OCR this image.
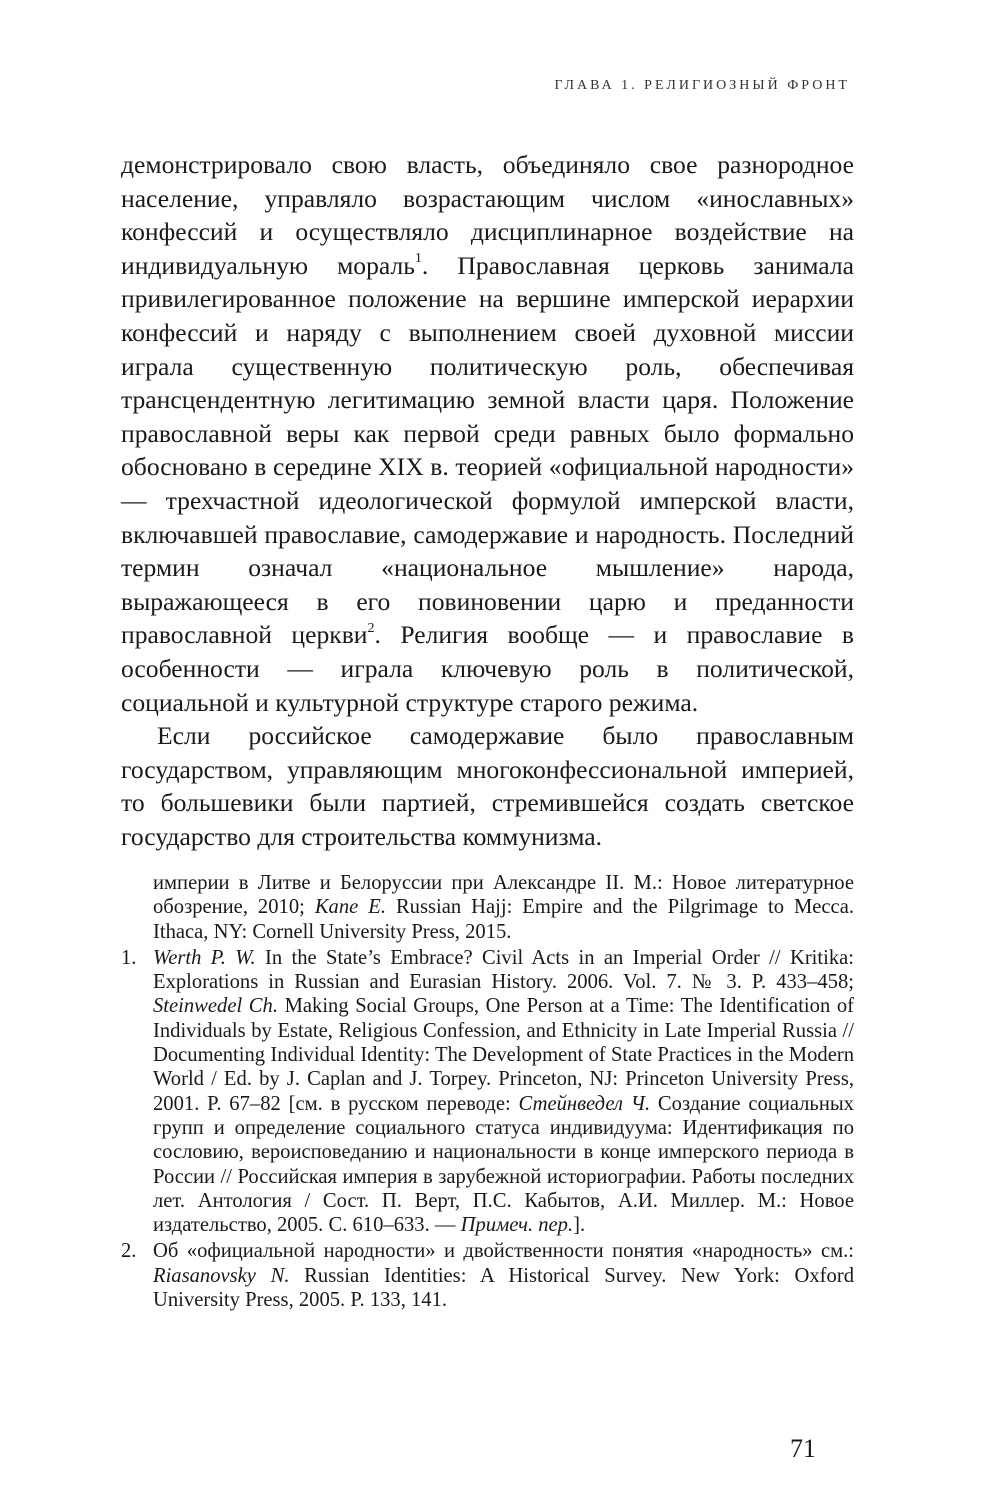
ГЛАВА 1. РЕЛИГИОЗНЫЙ ФРОНТ

демонстрировало свою власть, объединяло свое разнородное население, управляло возрастающим числом «инославных» конфессий и осуществляло дисциплинарное воздействие на индивидуальную мораль$^1$. Православная церковь занимала привилегированное положение на вершине имперской иерархии конфессий и наряду с выполнением своей духовной миссии играла существенную политическую роль, обеспечивая трансцендентную легитимацию земной власти царя. Положение православной веры как первой среди равных было формально обосновано в середине XIX в. теорией «официальной народности» — трехчастной идеологической формулой имперской власти, включавшей православие, самодержавие и народность. Последний термин означал «национальное мышление» народа, выражающееся в его повиновении царю и преданности православной церкви$^2$. Религия вообще — и православие в особенности — играла ключевую роль в политической, социальной и культурной структуре старого режима.

Если российское самодержавие было православным государством, управляющим многоконфессиональной империей, то большевики были партией, стремившейся создать светское государство для строительства коммунизма.

империи в Литве и Белоруссии при Александре II. М.: Новое литературное обозрение, 2010; Kane E. Russian Hajj: Empire and the Pilgrimage to Mecca. Ithaca, NY: Cornell University Press, 2015.

1. Werth P. W. In the State’s Embrace? Civil Acts in an Imperial Order // Kritika: Explorations in Russian and Eurasian History. 2006. Vol. 7. № 3. P. 433–458; Steinwedel Ch. Making Social Groups, One Person at a Time: The Identification of Individuals by Estate, Religious Confession, and Ethnicity in Late Imperial Russia // Documenting Individual Identity: The Development of State Practices in the Modern World / Ed. by J. Caplan and J. Torpey. Princeton, NJ: Princeton University Press, 2001. P. 67–82 [см. в русском переводе: Стейнведел Ч. Создание социальных групп и определение социального статуса индивидуума: Идентификация по сословию, вероисповеданию и национальности в конце имперского периода в России // Российская империя в зарубежной историографии. Работы последних лет. Антология / Сост. П. Верт, П.С. Кабытов, А.И. Миллер. М.: Новое издательство, 2005. С. 610–633. — Примеч. пер.].

2. Об «официальной народности» и двойственности понятия «народность» см.: Riasanovsky N. Russian Identities: A Historical Survey. New York: Oxford University Press, 2005. P. 133, 141.

71
